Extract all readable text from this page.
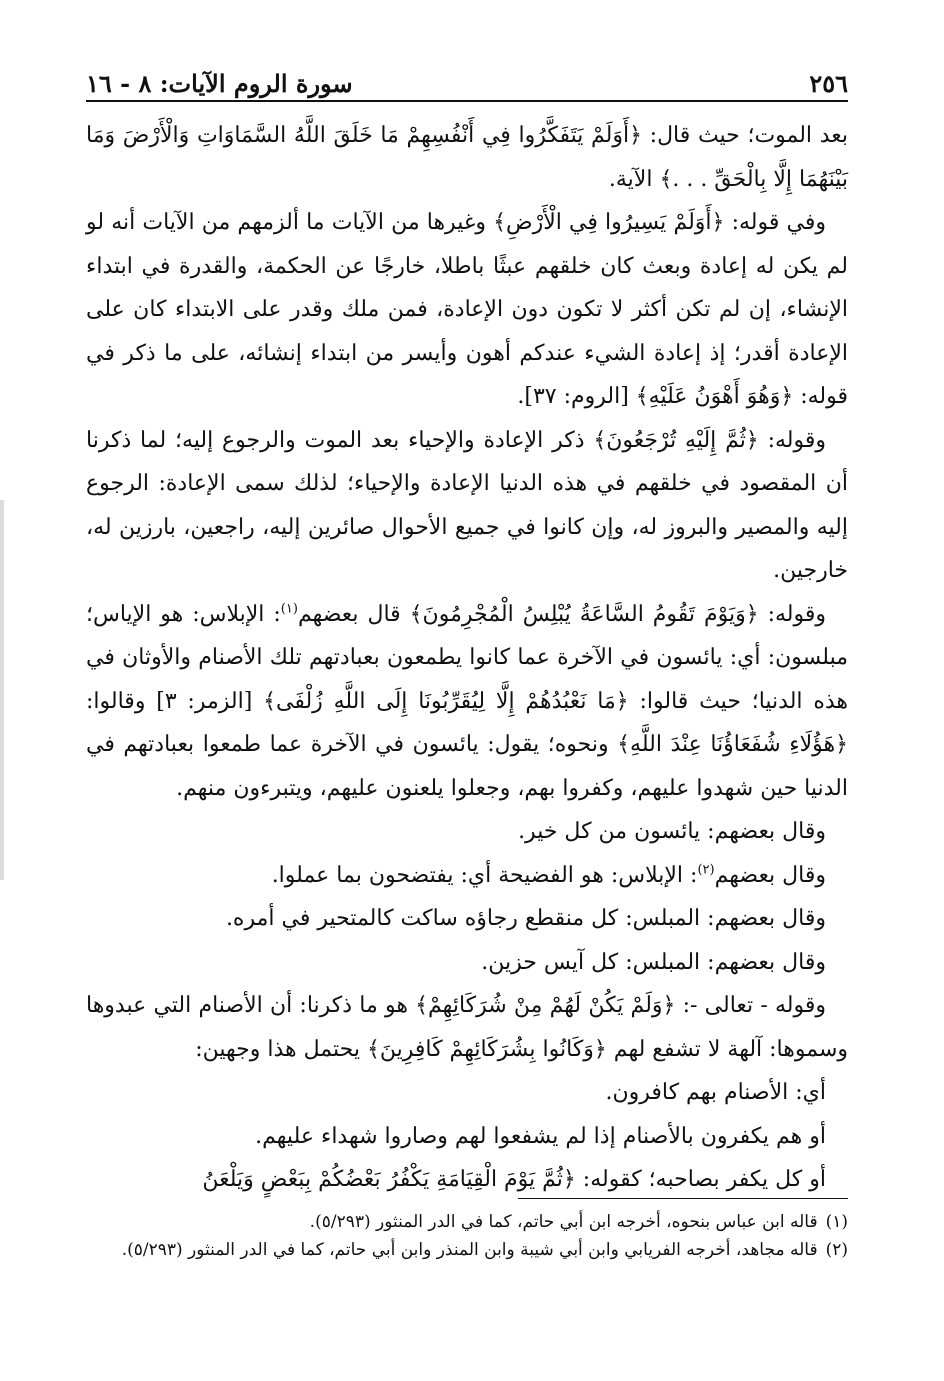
٢٥٦
سورة الروم الآيات: ٨ - ١٦

بعد الموت؛ حيث قال: ﴿أَوَلَمْ يَتَفَكَّرُوا فِي أَنْفُسِهِمْ مَا خَلَقَ اللَّهُ السَّمَاوَاتِ وَالْأَرْضَ وَمَا بَيْنَهُمَا إِلَّا بِالْحَقِّ . . .﴾ الآية.

وفي قوله: ﴿أَوَلَمْ يَسِيرُوا فِي الْأَرْضِ﴾ وغيرها من الآيات ما ألزمهم من الآيات أنه لو لم يكن له إعادة وبعث كان خلقهم عبثًا باطلا، خارجًا عن الحكمة، والقدرة في ابتداء الإنشاء، إن لم تكن أكثر لا تكون دون الإعادة، فمن ملك وقدر على الابتداء كان على الإعادة أقدر؛ إذ إعادة الشيء عندكم أهون وأيسر من ابتداء إنشائه، على ما ذكر في قوله: ﴿وَهُوَ أَهْوَنُ عَلَيْهِ﴾ [الروم: ٣٧].

وقوله: ﴿ثُمَّ إِلَيْهِ تُرْجَعُونَ﴾ ذكر الإعادة والإحياء بعد الموت والرجوع إليه؛ لما ذكرنا أن المقصود في خلقهم في هذه الدنيا الإعادة والإحياء؛ لذلك سمى الإعادة: الرجوع إليه والمصير والبروز له، وإن كانوا في جميع الأحوال صائرين إليه، راجعين، بارزين له، خارجين.

وقوله: ﴿وَيَوْمَ تَقُومُ السَّاعَةُ يُبْلِسُ الْمُجْرِمُونَ﴾ قال بعضهم$^{(١)}$: الإبلاس: هو الإياس؛ مبلسون: أي: يائسون في الآخرة عما كانوا يطمعون بعبادتهم تلك الأصنام والأوثان في هذه الدنيا؛ حيث قالوا: ﴿مَا نَعْبُدُهُمْ إِلَّا لِيُقَرِّبُونَا إِلَى اللَّهِ زُلْفَى﴾ [الزمر: ٣] وقالوا: ﴿هَؤُلَاءِ شُفَعَاؤُنَا عِنْدَ اللَّهِ﴾ ونحوه؛ يقول: يائسون في الآخرة عما طمعوا بعبادتهم في الدنيا حين شهدوا عليهم، وكفروا بهم، وجعلوا يلعنون عليهم، ويتبرءون منهم.

وقال بعضهم: يائسون من كل خير.

وقال بعضهم$^{(٢)}$: الإبلاس: هو الفضيحة أي: يفتضحون بما عملوا.

وقال بعضهم: المبلس: كل منقطع رجاؤه ساكت كالمتحير في أمره.

وقال بعضهم: المبلس: كل آيس حزين.

وقوله - تعالى -: ﴿وَلَمْ يَكُنْ لَهُمْ مِنْ شُرَكَائِهِمْ﴾ هو ما ذكرنا: أن الأصنام التي عبدوها وسموها: آلهة لا تشفع لهم ﴿وَكَانُوا بِشُرَكَائِهِمْ كَافِرِينَ﴾ يحتمل هذا وجهين:

أي: الأصنام بهم كافرون.

أو هم يكفرون بالأصنام إذا لم يشفعوا لهم وصاروا شهداء عليهم.

أو كل يكفر بصاحبه؛ كقوله: ﴿ثُمَّ يَوْمَ الْقِيَامَةِ يَكْفُرُ بَعْضُكُمْ بِبَعْضٍ وَيَلْعَنُ

(١)قاله ابن عباس بنحوه، أخرجه ابن أبي حاتم، كما في الدر المنثور (٥/٢٩٣).

(٢)قاله مجاهد، أخرجه الفريابي وابن أبي شيبة وابن المنذر وابن أبي حاتم، كما في الدر المنثور (٥/٢٩٣).
